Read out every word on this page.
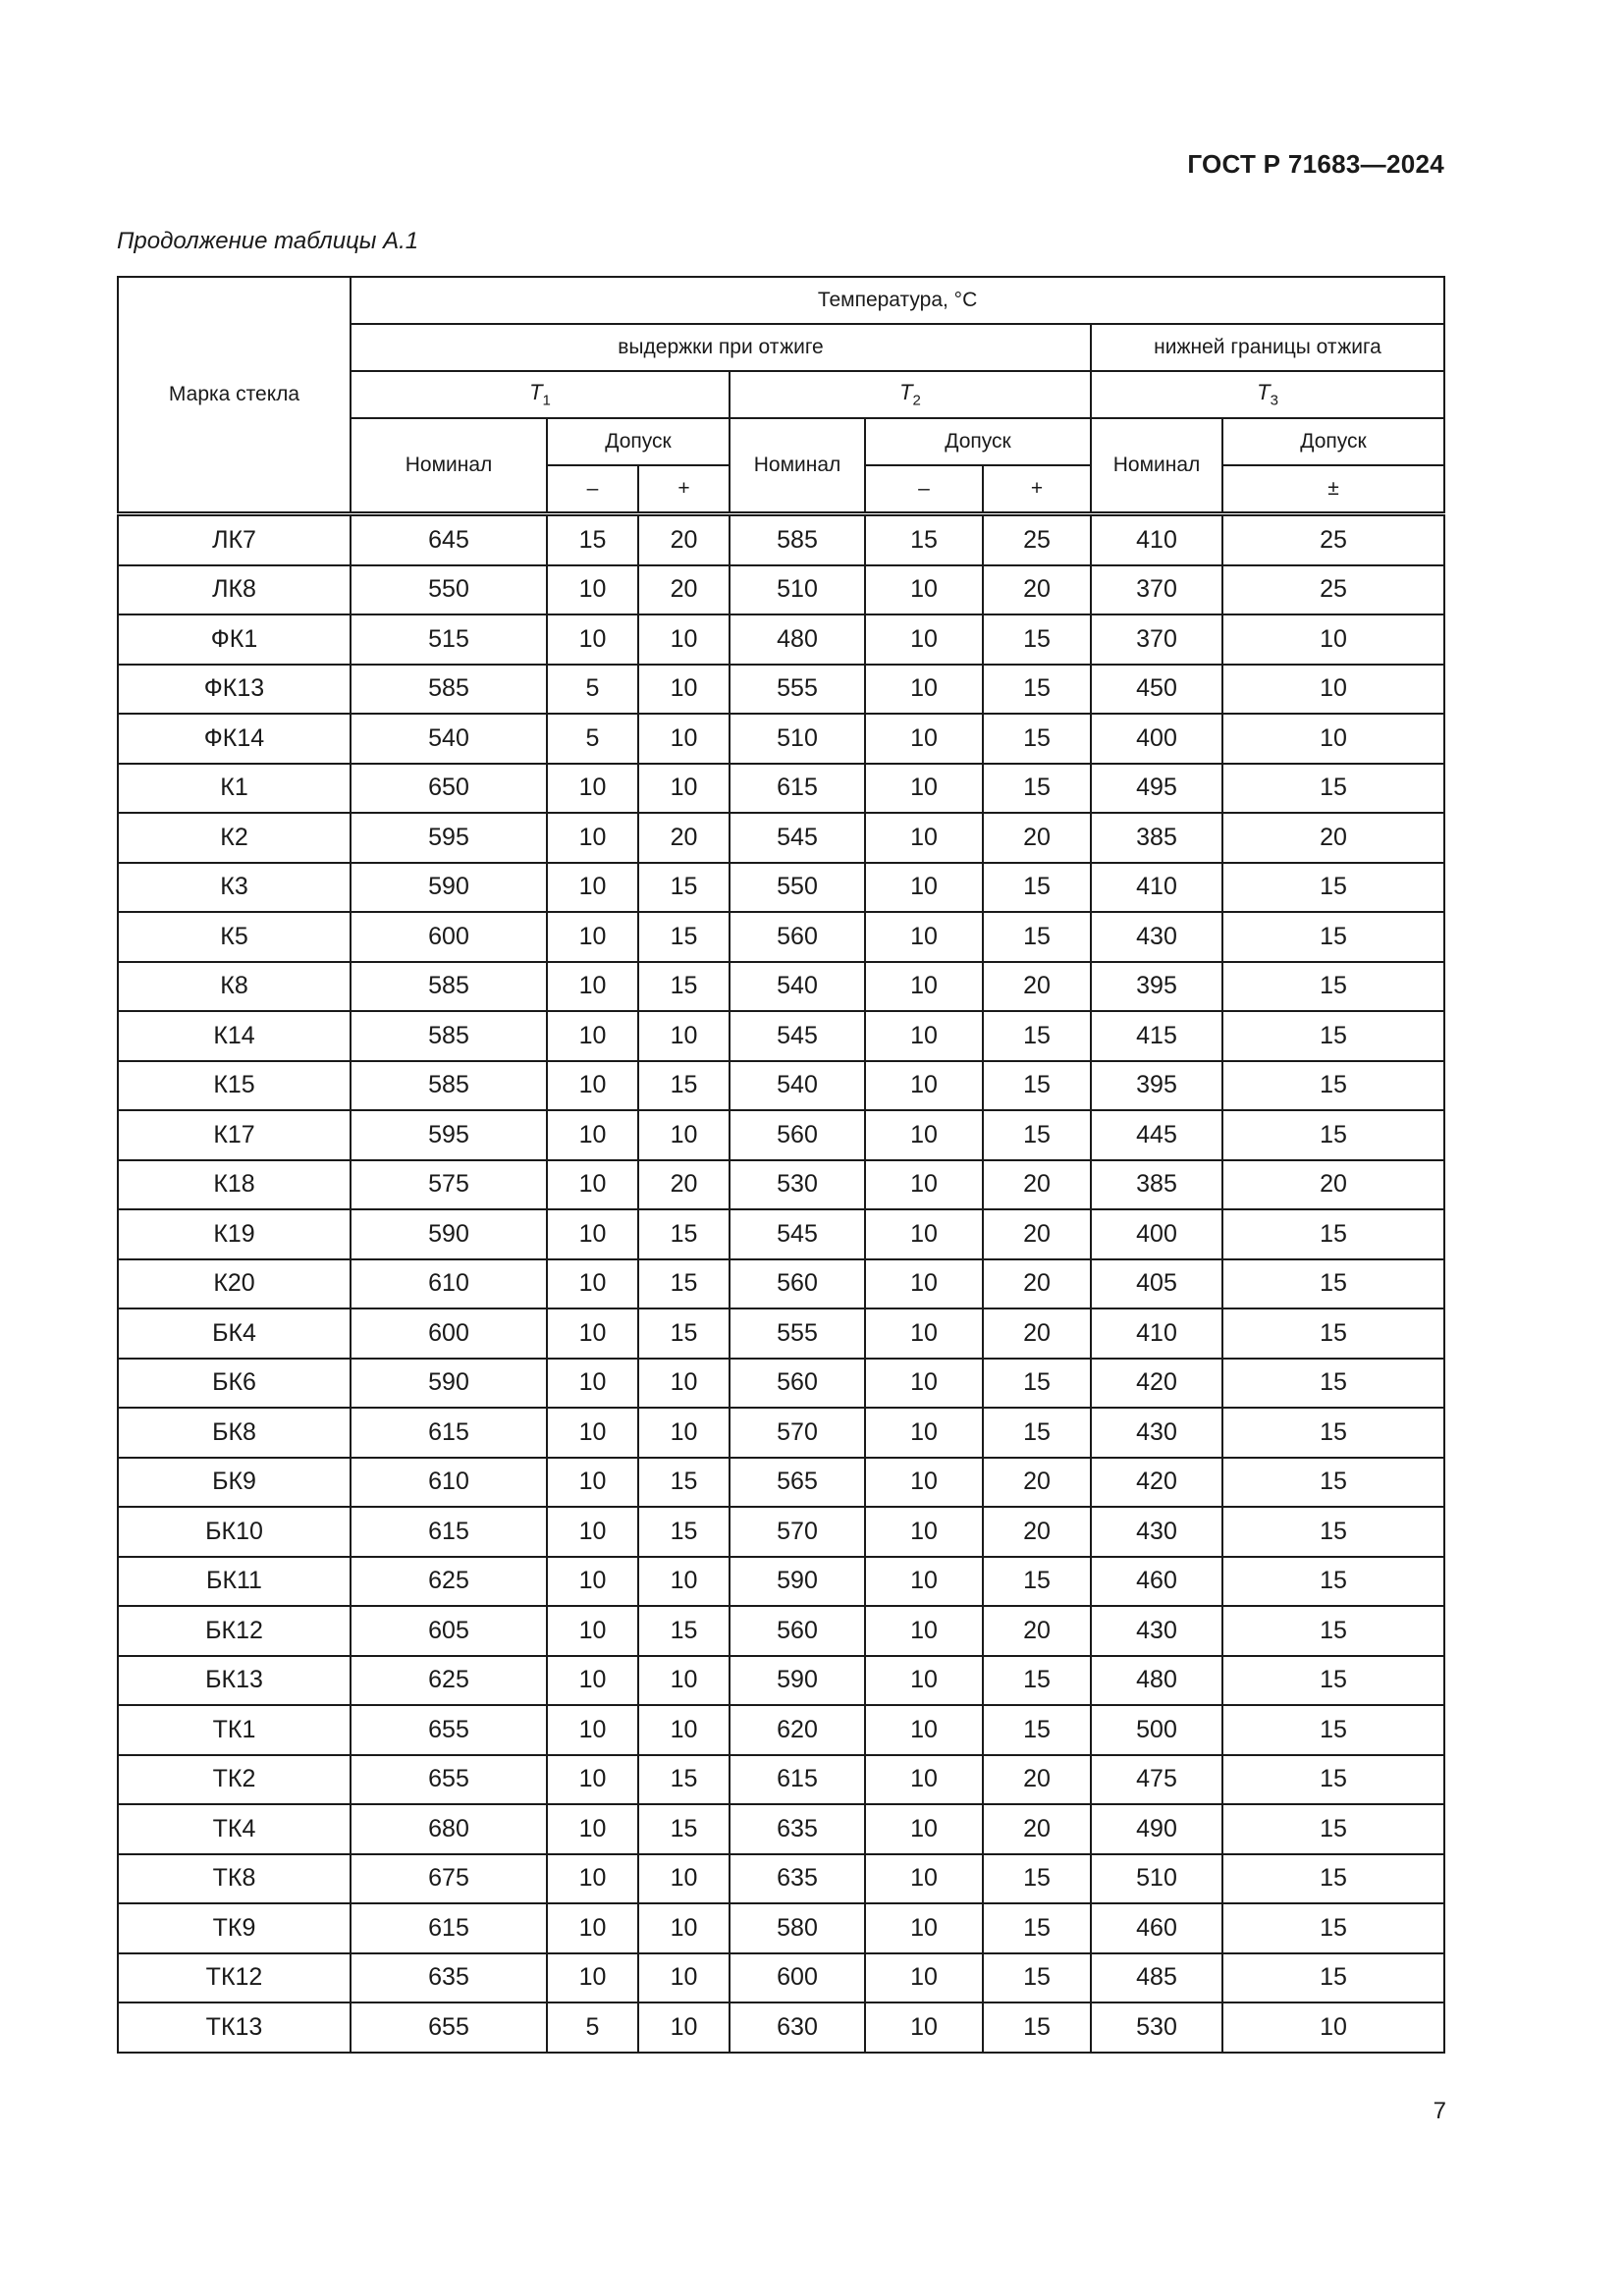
ГОСТ Р 71683—2024
Продолжение таблицы А.1
Марка стекла	Температура, °С							
	выдержки при отжиге						нижней границы отжига	
	$T_1$			$T_2$			$T_3$
	Номинал	Допуск		Номинал	Допуск		Номинал	Допуск
		–	+		–	+		±
ЛК7	645	15	20	585	15	25	410	25
ЛК8	550	10	20	510	10	20	370	25
ФК1	515	10	10	480	10	15	370	10
ФК13	585	5	10	555	10	15	450	10
ФК14	540	5	10	510	10	15	400	10
К1	650	10	10	615	10	15	495	15
К2	595	10	20	545	10	20	385	20
К3	590	10	15	550	10	15	410	15
К5	600	10	15	560	10	15	430	15
К8	585	10	15	540	10	20	395	15
К14	585	10	10	545	10	15	415	15
К15	585	10	15	540	10	15	395	15
К17	595	10	10	560	10	15	445	15
К18	575	10	20	530	10	20	385	20
К19	590	10	15	545	10	20	400	15
К20	610	10	15	560	10	20	405	15
БК4	600	10	15	555	10	20	410	15
БК6	590	10	10	560	10	15	420	15
БК8	615	10	10	570	10	15	430	15
БК9	610	10	15	565	10	20	420	15
БК10	615	10	15	570	10	20	430	15
БК11	625	10	10	590	10	15	460	15
БК12	605	10	15	560	10	20	430	15
БК13	625	10	10	590	10	15	480	15
ТК1	655	10	10	620	10	15	500	15
ТК2	655	10	15	615	10	20	475	15
ТК4	680	10	15	635	10	20	490	15
ТК8	675	10	10	635	10	15	510	15
ТК9	615	10	10	580	10	15	460	15
ТК12	635	10	10	600	10	15	485	15
ТК13	655	5	10	630	10	15	530	10
7
